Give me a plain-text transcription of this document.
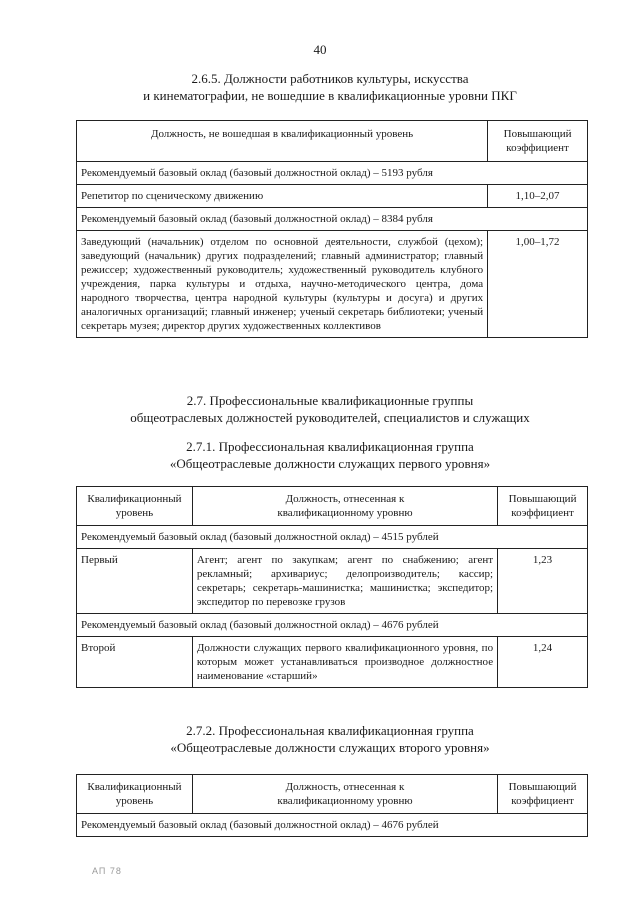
40
2.6.5. Должности работников культуры, искусства
и кинематографии, не вошедшие в квалификационные уровни ПКГ
Должность, не вошедшая в квалификационный уровень	Повышающий коэффициент
Рекомендуемый базовый оклад (базовый должностной оклад) – 5193 рубля	
Репетитор по сценическому движению	1,10–2,07
Рекомендуемый базовый оклад (базовый должностной оклад) – 8384 рубля	
Заведующий (начальник) отделом по основной деятельности, службой (цехом); заведующий (начальник) других подразделений; главный администратор; главный режиссер; художественный руководитель; художественный руководитель клубного учреждения, парка культуры и отдыха, научно-методического центра, дома народного творчества, центра народной культуры (культуры и досуга) и других аналогичных организаций; главный инженер; ученый секретарь библиотеки; ученый секретарь музея; директор других художественных коллективов	1,00–1,72
2.7. Профессиональные квалификационные группы
общеотраслевых должностей руководителей, специалистов и служащих
2.7.1. Профессиональная квалификационная группа
«Общеотраслевые должности служащих первого уровня»
Квалификационный уровень	Должность, отнесенная к квалификационному уровню	Повышающий коэффициент
Рекомендуемый базовый оклад (базовый должностной оклад) – 4515 рублей		
Первый	Агент; агент по закупкам; агент по снабжению; агент рекламный; архивариус; делопроизводитель; кассир; секретарь; секретарь-машинистка; машинистка; экспедитор; экспедитор по перевозке грузов	1,23
Рекомендуемый базовый оклад (базовый должностной оклад) – 4676 рублей		
Второй	Должности служащих первого квалификационного уровня, по которым может устанавливаться производное должностное наименование «старший»	1,24
2.7.2. Профессиональная квалификационная группа
«Общеотраслевые должности служащих второго уровня»
Квалификационный уровень	Должность, отнесенная к квалификационному уровню	Повышающий коэффициент
Рекомендуемый базовый оклад (базовый должностной оклад) – 4676 рублей
АП 78
